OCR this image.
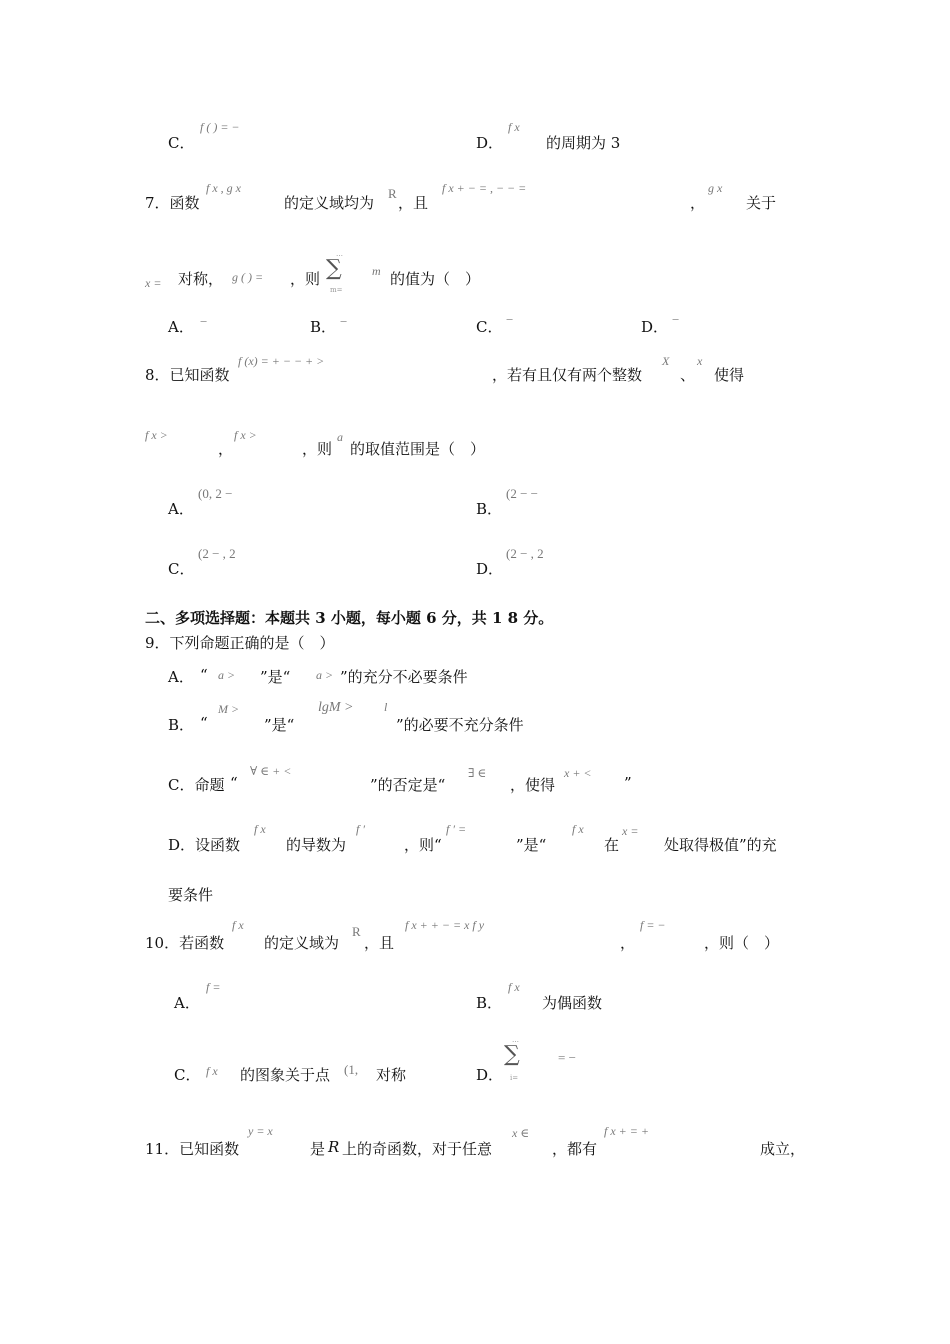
C．
f ( ) = −
D．
f x
的周期为 3
7．函数
f x , g x
的定义域均为
R
，且
f x + − = , − − =
，
g x
关于
x = 对称， g ( ) = ，则
…
∑
m=
m 的值为（　）
A． −	B． −	C． −	D． −
8．已知函数
f (x) = + − − + >
，若有且仅有两个整数
X
、
x
使得
f x >
，
f x >
，则
a
的取值范围是（　）
A．
(0, 2 −
B．
(2 − −
C．
(2 − , 2
D．
(2 − , 2
二、多项选择题：本题共 3 小题，每小题 6 分，共 1 8 分。
9．下列命题正确的是（　）
A． “ a > ”是“ a > ”的充分不必要条件
B． “
M >
”是“
lgM >	l
”的必要不充分条件
C．命题 “
∀ ∈ + <
”的否定是“
∃ ∈
，使得
x + <
”
D．设函数
f x
的导数为
f ′
，则“
f ′ =
”是“
f x
在
x =
处取得极值”的充
要条件
10．若函数
f x
的定义域为
R
，且
f x + + − = x f y
，
f = −
，则（　）
A．
f =
B．
f x
为偶函数
C． f x 的图象关于点 (1, 对称	D．
…
∑
i=
= −
11．已知函数
y = x
是 R 上的奇函数，对于任意
x ∈
，都有
f x + = +
成立，
